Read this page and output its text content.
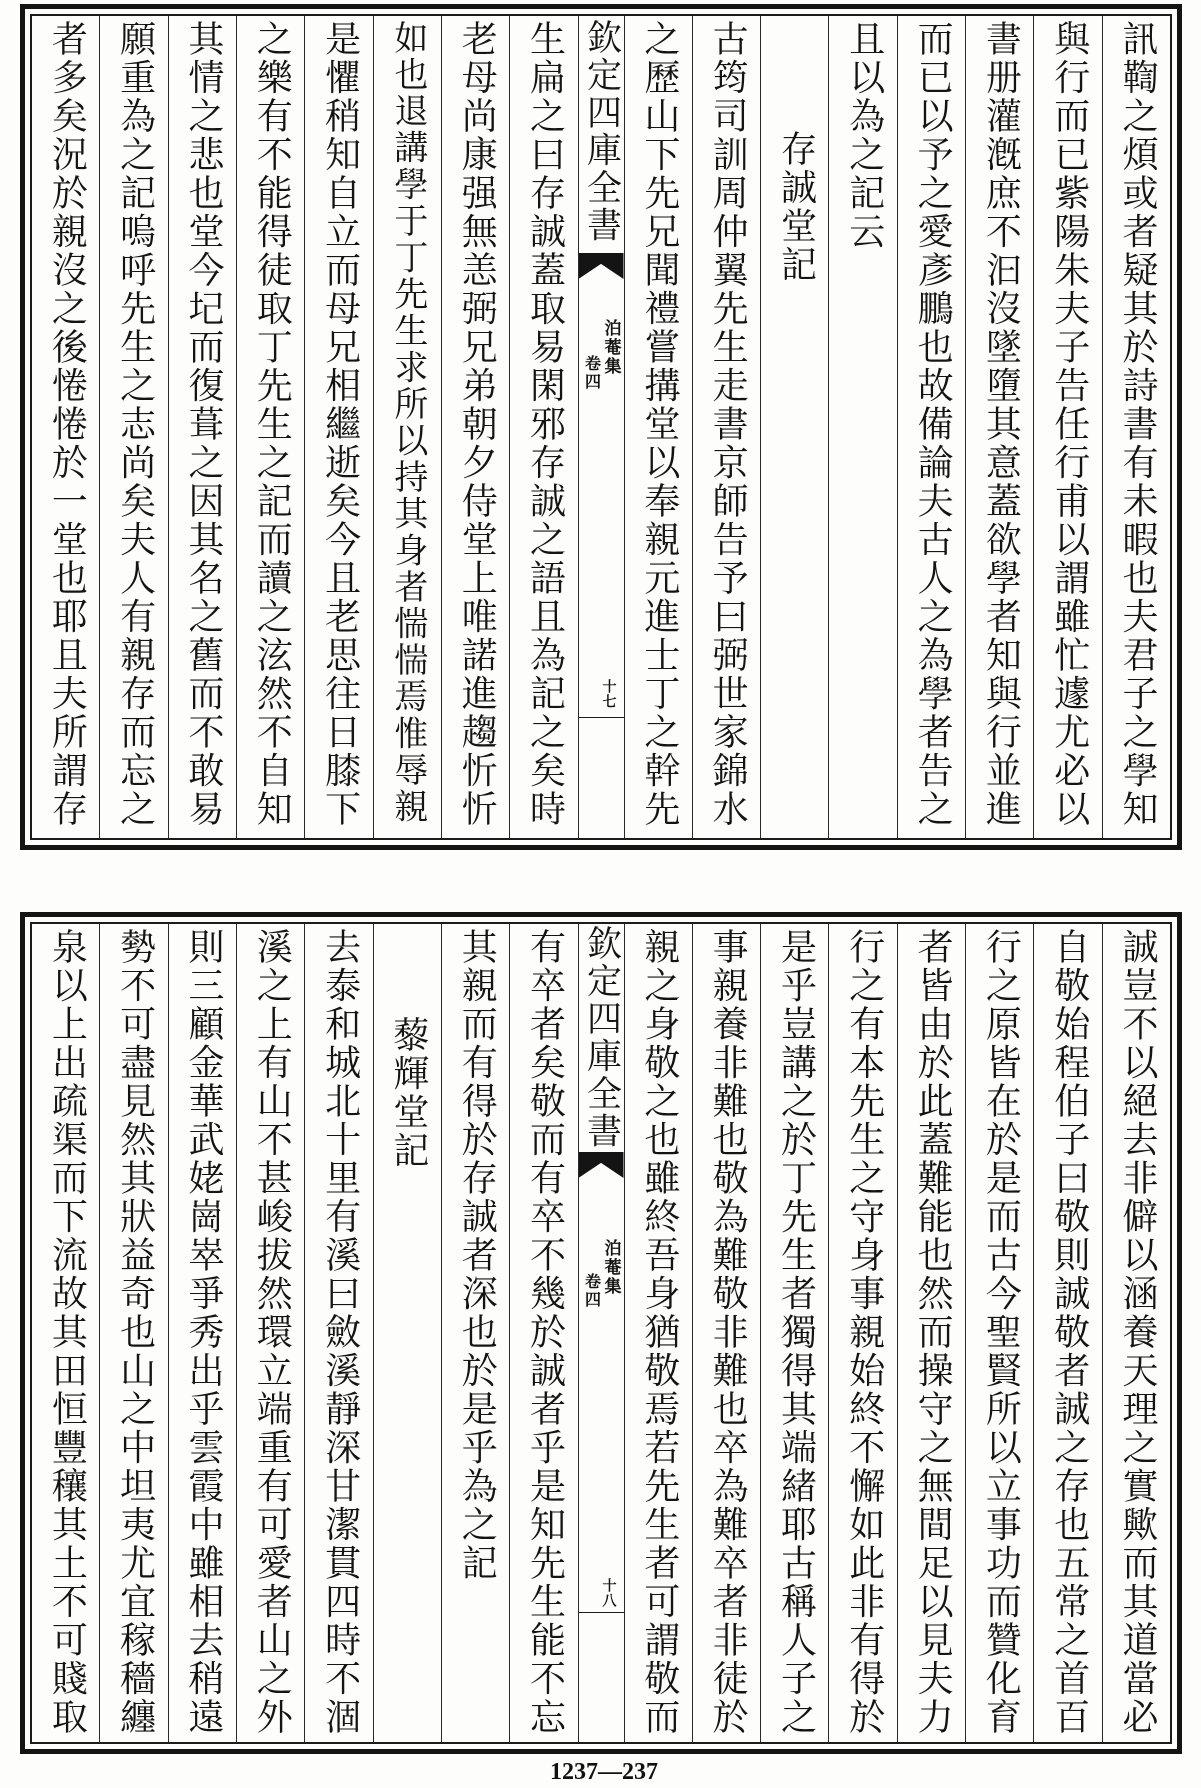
訊鞫之煩或者疑其於詩書有未暇也夫君子之學知
與行而已紫陽朱夫子告任行甫以謂雖忙遽尤必以
書册灌漑庶不汩沒墜墮其意蓋欲學者知與行並進
而已以予之愛彥鵬也故備論夫古人之為學者告之
且以為之記云
存誠堂記
古筠司訓周仲翼先生走書京師告予曰弼世家錦水
之歷山下先兄聞禮嘗搆堂以奉親元進士丁之幹先
欽定四庫全書
泊菴集
卷四
十七
生扁之曰存誠蓋取易閑邪存誠之語且為記之矣時
老母尚康强無恙弼兄弟朝夕侍堂上唯諾進趨忻忻
如也退講學于丁先生求所以持其身者惴惴焉惟辱親
是懼稍知自立而母兄相繼逝矣今且老思往日膝下
之樂有不能得徒取丁先生之記而讀之泫然不自知
其情之悲也堂今圮而復葺之因其名之舊而不敢易
願重為之記嗚呼先生之志尚矣夫人有親存而忘之
者多矣況於親沒之後惓惓於一堂也耶且夫所謂存
誠豈不以絕去非僻以涵養天理之實歟而其道當必
自敬始程伯子曰敬則誠敬者誠之存也五常之首百
行之原皆在於是而古今聖賢所以立事功而贊化育
者皆由於此蓋難能也然而操守之無間足以見夫力
行之有本先生之守身事親始終不懈如此非有得於
是乎豈講之於丁先生者獨得其端緒耶古稱人子之
事親養非難也敬為難敬非難也卒為難卒者非徒於
親之身敬之也雖終吾身猶敬焉若先生者可謂敬而
欽定四庫全書
泊菴集
卷四
十八
有卒者矣敬而有卒不幾於誠者乎是知先生能不忘
其親而有得於存誠者深也於是乎為之記
藜輝堂記
去泰和城北十里有溪曰斂溪靜深甘潔貫四時不涸
溪之上有山不甚峻拔然環立端重有可愛者山之外
則三顧金華武姥崗崒爭秀出乎雲霞中雖相去稍遠
勢不可盡見然其狀益奇也山之中坦夷尤宜稼穡纏
泉以上出疏渠而下流故其田恒豐穰其土不可賤取
1237—237
